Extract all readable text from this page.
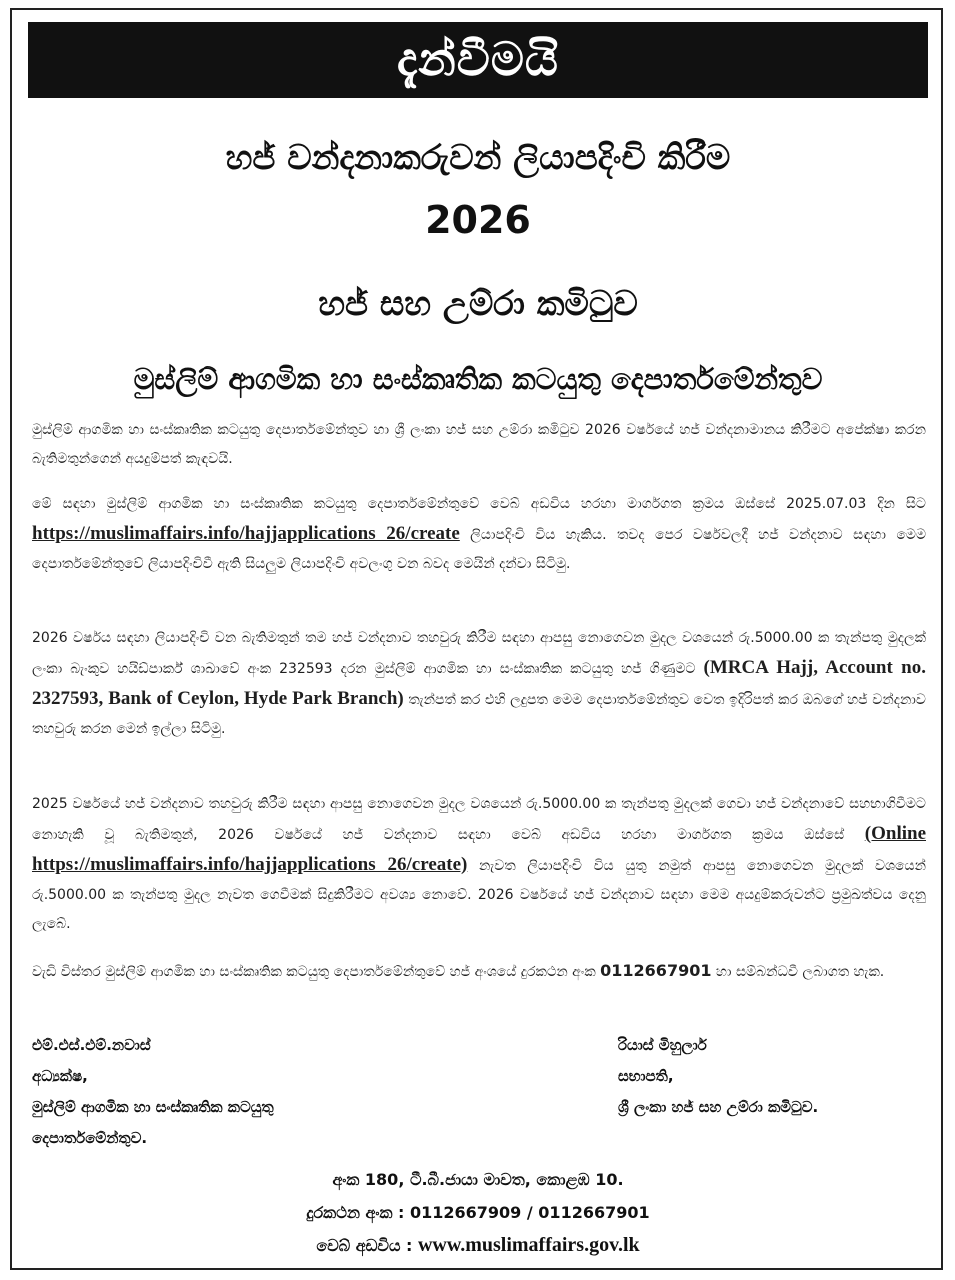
දැන්වීමයි
හජ් වන්දනාකරුවන් ලියාපදිංචි කිරීම
2026
හජ් සහ උම්රා කමිටුව
මුස්ලිම් ආගමික හා සංස්කෘතික කටයුතු දෙපාර්තමේන්තුව
මුස්ලිම් ආගමික හා සංස්කෘතික කටයුතු දෙපාර්තමේන්තුව හා ශ්‍රී ලංකා හජ් සහ උම්රා කමිටුව 2026 වර්ෂයේ හජ් වන්දනාමානය කිරීමට අපේක්ෂා කරන බැතිමතුන්ගෙන් අයදුම්පත් කැඳවයි.
මේ සඳහා මුස්ලිම් ආගමික හා සංස්කෘතික කටයුතු දෙපාර්තමේන්තුවේ වෙබ් අඩවිය හරහා මාර්ගගත ක්‍රමය ඔස්සේ 2025.07.03 දින සිට https://muslimaffairs.info/hajjapplications 26/create ලියාපදිංචි විය හැකිය. තවද පෙර වර්ෂවලදී හජ් වන්දනාව සඳහා මෙම දෙපාර්තමේන්තුවේ ලියාපදිංචිවී ඇති සියලුම ලියාපදිංචි අවලංගු වන බවද මෙයින් දන්වා සිටිමු.
2026 වර්ෂය සඳහා ලියාපදිංචි වන බැතිමතුන් තම හජ් වන්දනාව තහවුරු කිරීම සඳහා ආපසු නොගෙවන මුදල වශයෙන් රු.5000.00 ක තැන්පතු මුදලක් ලංකා බැංකුව හයිඩ්පාර්ක් ශාඛාවේ අංක 232593 දරන මුස්ලිම් ආගමික හා සංස්කෘතික කටයුතු හජ් ගිණුමට (MRCA Hajj, Account no. 2327593, Bank of Ceylon, Hyde Park Branch) තැන්පත් කර එහි ලදුපත මෙම දෙපාර්තමේන්තුව වෙත ඉදිරිපත් කර ඔබගේ හජ් වන්දනාව තහවුරු කරන මෙන් ඉල්ලා සිටිමු.
2025 වර්ෂයේ හජ් වන්දනාව තහවුරු කිරීම සඳහා ආපසු නොගෙවන මුදල වශයෙන් රු.5000.00 ක තැන්පතු මුදලක් ගෙවා හජ් වන්දනාවේ සහභාගිවීමට නොහැකි වූ බැතිමතුන්, 2026 වර්ෂයේ හජ් වන්දනාව සඳහා වෙබ් අඩවිය හරහා මාර්ගගත ක්‍රමය ඔස්සේ (Online https://muslimaffairs.info/hajjapplications 26/create) නැවත ලියාපදිංචි විය යුතු නමුත් ආපසු නොගෙවන මුදලක් වශයෙන් රු.5000.00 ක තැන්පතු මුදල නැවත ගෙවීමක් සිදුකිරීමට අවශ්‍ය නොවේ. 2026 වර්ෂයේ හජ් වන්දනාව සඳහා මෙම අයදුම්කරුවන්ට ප්‍රමුඛත්වය දෙනු ලැබේ.
වැඩි විස්තර මුස්ලිම් ආගමික හා සංස්කෘතික කටයුතු දෙපාර්තමේන්තුවේ හජ් අංශයේ දුරකථන අංක 0112667901 හා සම්බන්ධවී ලබාගත හැක.
එම්.එස්.එම්.නවාස්
අධ්‍යක්ෂ,
මුස්ලිම් ආගමික හා සංස්කෘතික කටයුතු
දෙපාර්තමේන්තුව.
රියාස් මිහුලාර්
සභාපති,
ශ්‍රී ලංකා හජ් සහ උම්රා කමිටුව.
අංක 180, ටී.බී.ජායා මාවත, කොළඹ 10.
දුරකථන අංක : 0112667909 / 0112667901
වෙබ් අඩවිය : www.muslimaffairs.gov.lk
